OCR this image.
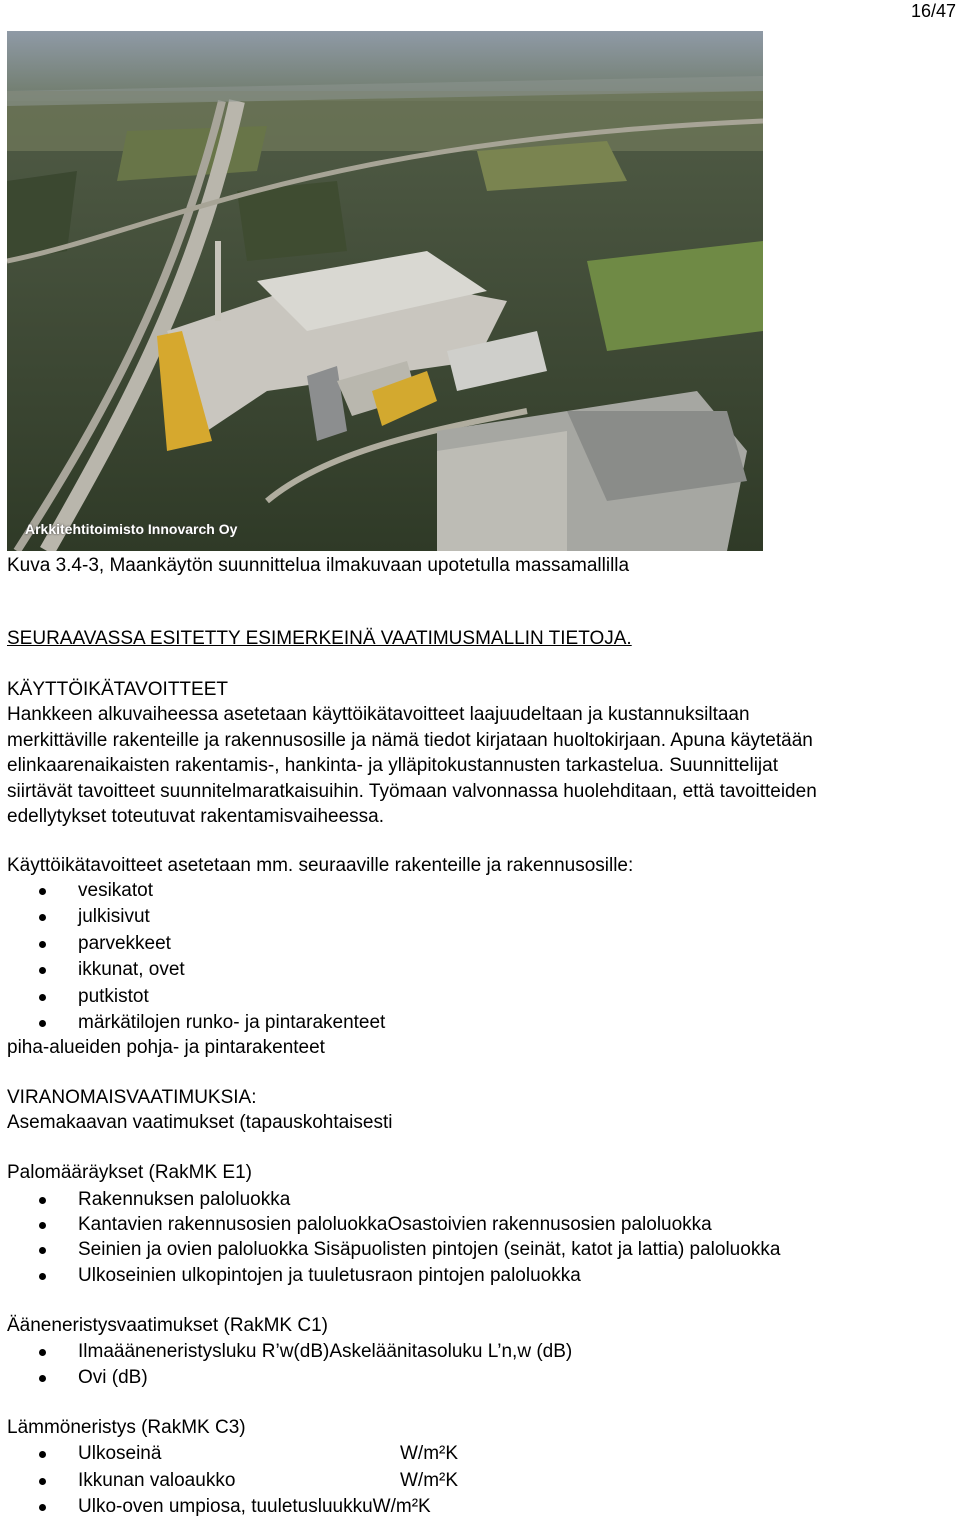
16/47
Arkkitehtitoimisto Innovarch Oy
Kuva 3.4-3, Maankäytön suunnittelua ilmakuvaan upotetulla massamallilla
SEURAAVASSA ESITETTY ESIMERKEINÄ VAATIMUSMALLIN TIETOJA.
KÄYTTÖIKÄTAVOITTEET
Hankkeen alkuvaiheessa asetetaan käyttöikätavoitteet laajuudeltaan ja kustannuksiltaan
merkittäville rakenteille ja rakennusosille ja nämä tiedot kirjataan huoltokirjaan. Apuna käytetään
elinkaarenaikaisten rakentamis-, hankinta- ja ylläpitokustannusten tarkastelua. Suunnittelijat
siirtävät tavoitteet suunnitelmaratkaisuihin. Työmaan valvonnassa huolehditaan, että tavoitteiden
edellytykset toteutuvat rakentamisvaiheessa.
Käyttöikätavoitteet asetetaan mm. seuraaville rakenteille ja rakennusosille:
vesikatot
julkisivut
parvekkeet
ikkunat, ovet
putkistot
märkätilojen runko- ja pintarakenteet
piha-alueiden pohja- ja pintarakenteet
VIRANOMAISVAATIMUKSIA:
Asemakaavan vaatimukset (tapauskohtaisesti
Palomääräykset (RakMK E1)
Rakennuksen paloluokka
Kantavien rakennusosien paloluokkaOsastoivien rakennusosien paloluokka
Seinien ja ovien paloluokka Sisäpuolisten pintojen (seinät, katot ja lattia) paloluokka
Ulkoseinien ulkopintojen ja tuuletusraon pintojen paloluokka
Ääneneristysvaatimukset (RakMK C1)
Ilmaääneneristysluku R’w(dB)Askeläänitasoluku L’n,w (dB)
Ovi (dB)
Lämmöneristys (RakMK C3)
Ulkoseinä	W/m²K
Ikkunan valoaukko	W/m²K
Ulko-oven umpiosa, tuuletusluukkuW/m²K
